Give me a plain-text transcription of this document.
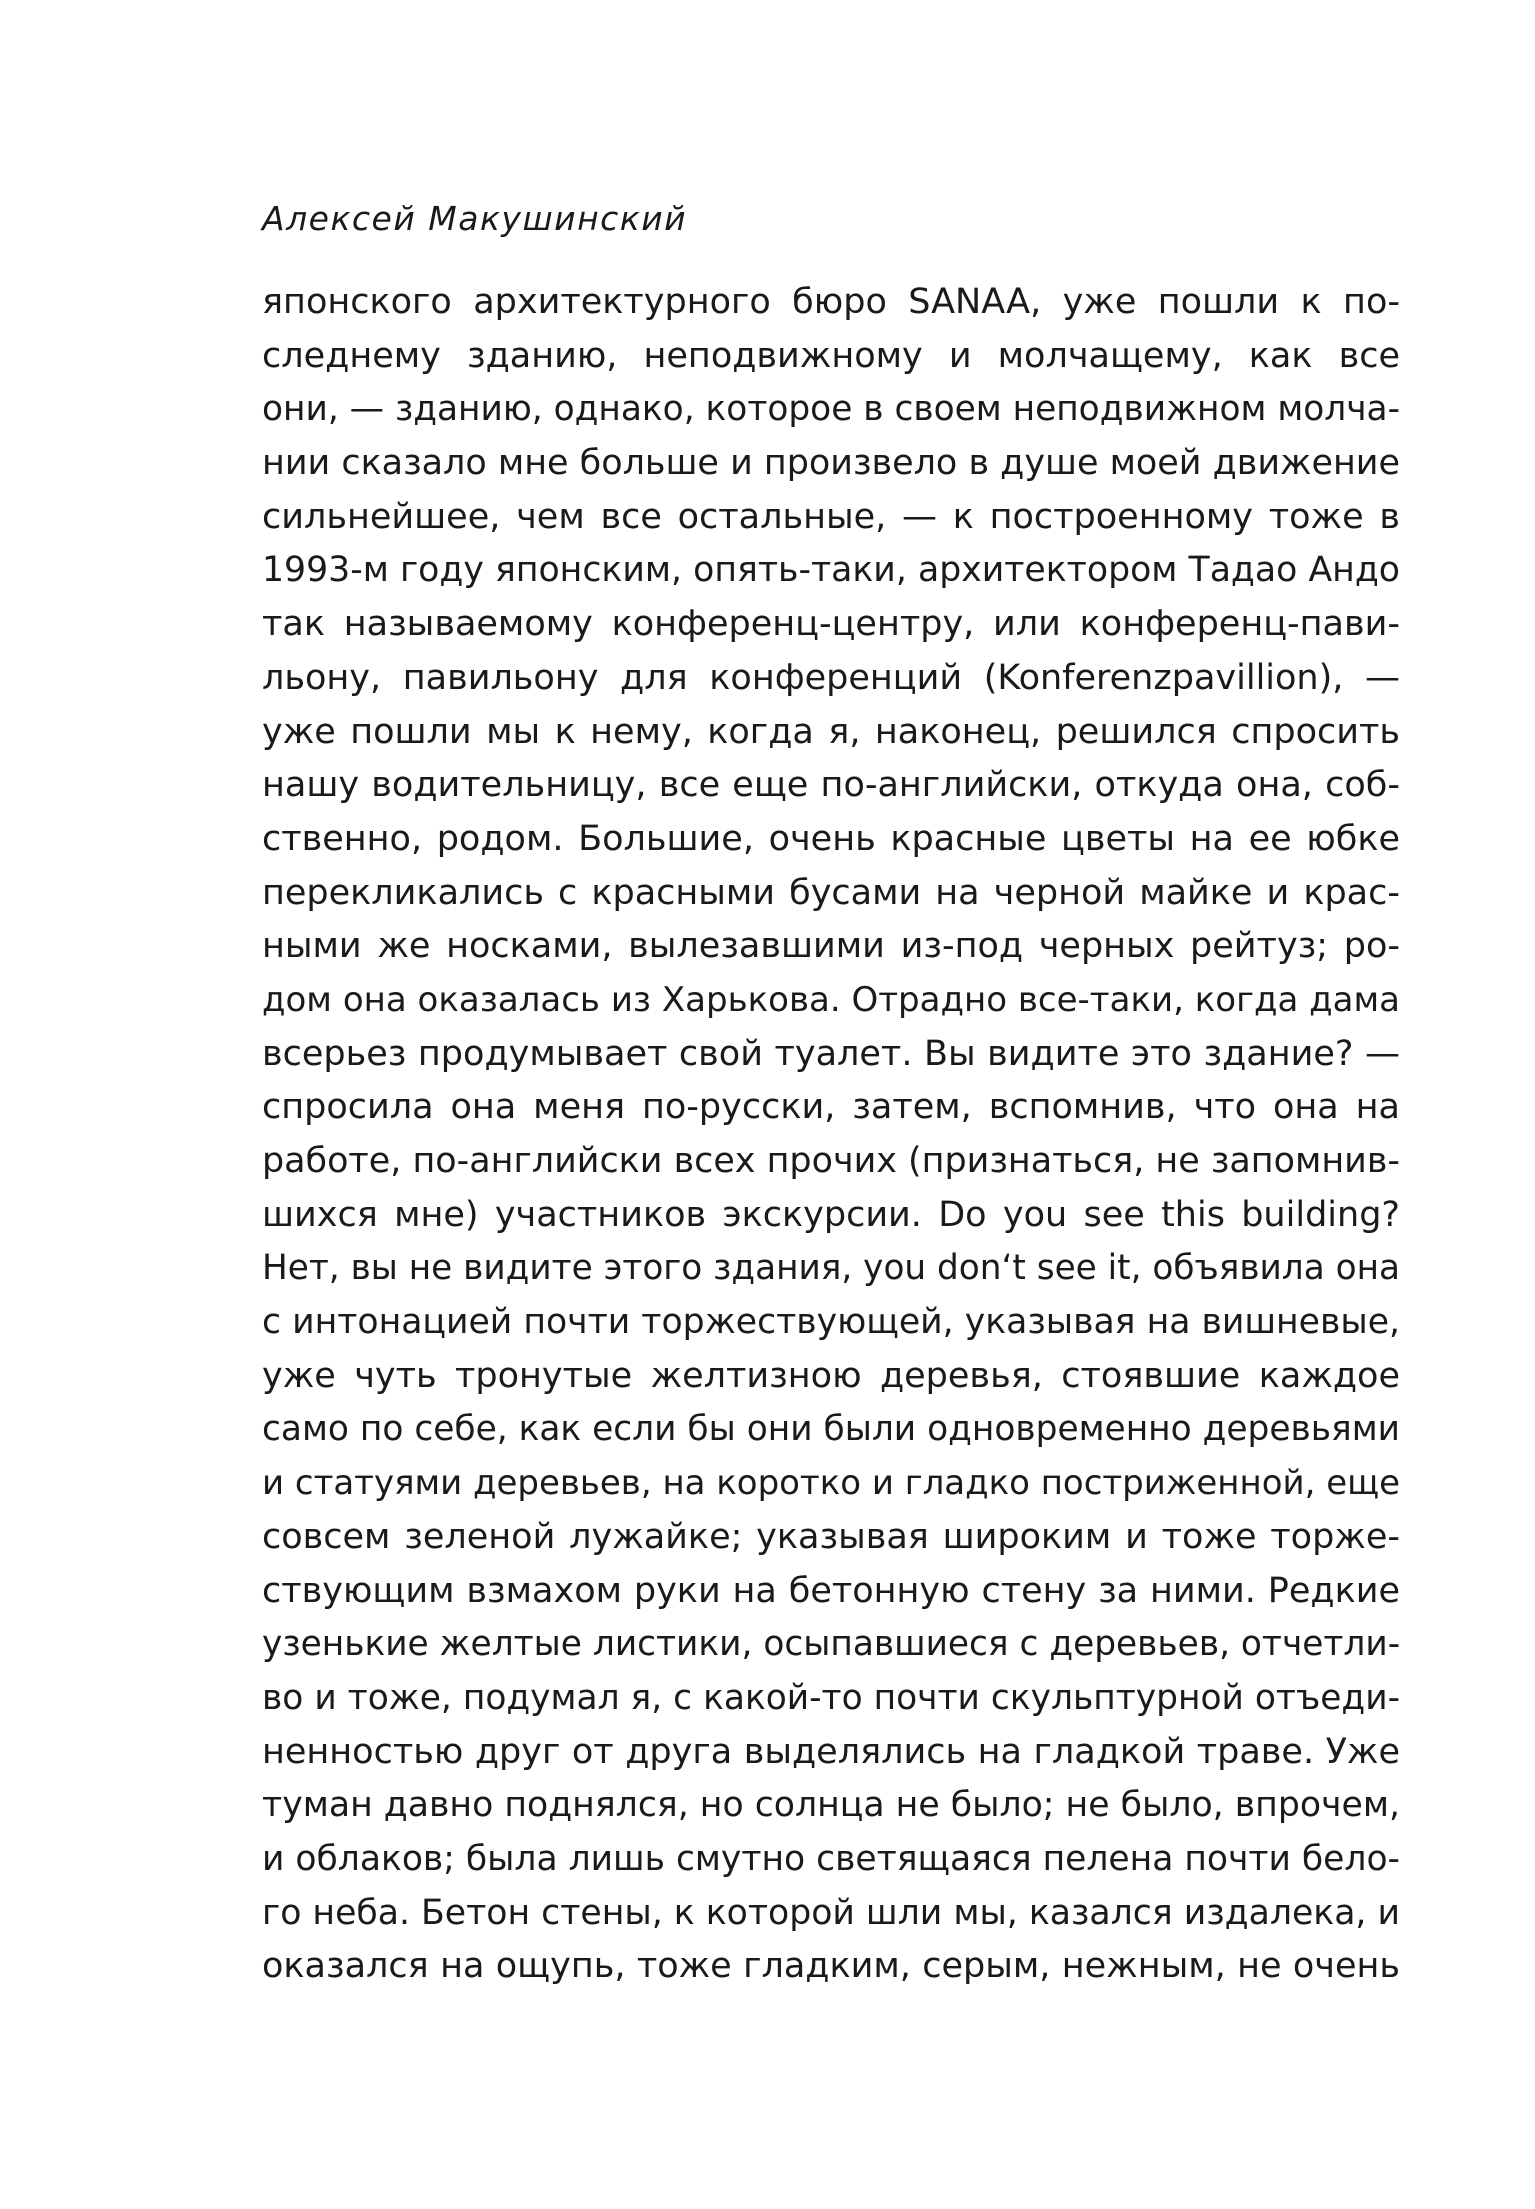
Алексей Макушинский
японского архитектурного бюро SANAA, уже пошли к по-
следнему зданию, неподвижному и молчащему, как все
они, — зданию, однако, которое в своем неподвижном молча-
нии сказало мне больше и произвело в душе моей движение
сильнейшее, чем все остальные, — к построенному тоже в
1993-м году японским, опять-таки, архитектором Тадао Андо
так называемому конференц-центру, или конференц-пави-
льону, павильону для конференций (Konferenzpavillion), —
уже пошли мы к нему, когда я, наконец, решился спросить
нашу водительницу, все еще по-английски, откуда она, соб-
ственно, родом. Большие, очень красные цветы на ее юбке
перекликались с красными бусами на черной майке и крас-
ными же носками, вылезавшими из-под черных рейтуз; ро-
дом она оказалась из Харькова. Отрадно все-таки, когда дама
всерьез продумывает свой туалет. Вы видите это здание? —
спросила она меня по-русски, затем, вспомнив, что она на
работе, по-английски всех прочих (признаться, не запомнив-
шихся мне) участников экскурсии. Do you see this building?
Нет, вы не видите этого здания, you don‘t see it, объявила она
с интонацией почти торжествующей, указывая на вишневые,
уже чуть тронутые желтизною деревья, стоявшие каждое
само по себе, как если бы они были одновременно деревьями
и статуями деревьев, на коротко и гладко постриженной, еще
совсем зеленой лужайке; указывая широким и тоже торже-
ствующим взмахом руки на бетонную стену за ними. Редкие
узенькие желтые листики, осыпавшиеся с деревьев, отчетли-
во и тоже, подумал я, с какой-то почти скульптурной отъеди-
ненностью друг от друга выделялись на гладкой траве. Уже
туман давно поднялся, но солнца не было; не было, впрочем,
и облаков; была лишь смутно светящаяся пелена почти бело-
го неба. Бетон стены, к которой шли мы, казался издалека, и
оказался на ощупь, тоже гладким, серым, нежным, не очень
